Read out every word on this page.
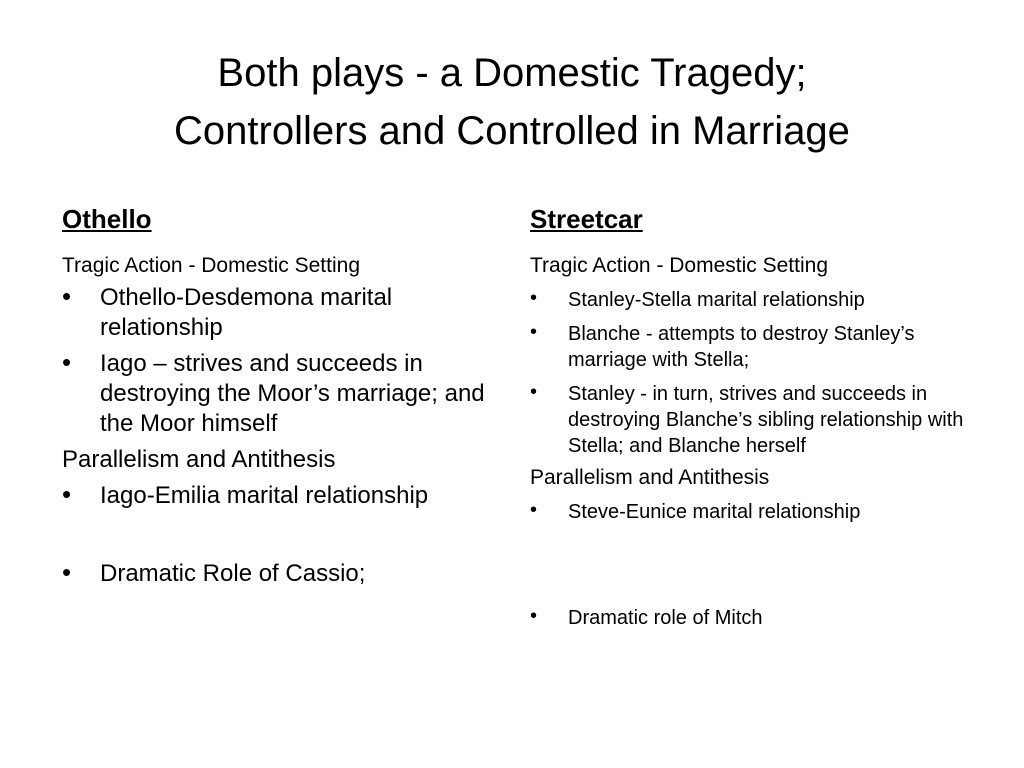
Both plays - a Domestic Tragedy;
Controllers and Controlled in Marriage
Othello

Tragic Action - Domestic Setting

• Othello-Desdemona marital relationship
• Iago – strives and succeeds in destroying the Moor’s marriage; and the Moor himself

Parallelism and Antithesis

• Iago-Emilia marital relationship
• Dramatic Role of Cassio;
Streetcar

Tragic Action - Domestic Setting

• Stanley-Stella marital relationship
• Blanche - attempts to destroy Stanley’s marriage with Stella;
• Stanley - in turn, strives and succeeds in destroying Blanche’s sibling relationship with Stella; and Blanche herself

Parallelism and Antithesis

• Steve-Eunice marital relationship
• Dramatic role of Mitch
